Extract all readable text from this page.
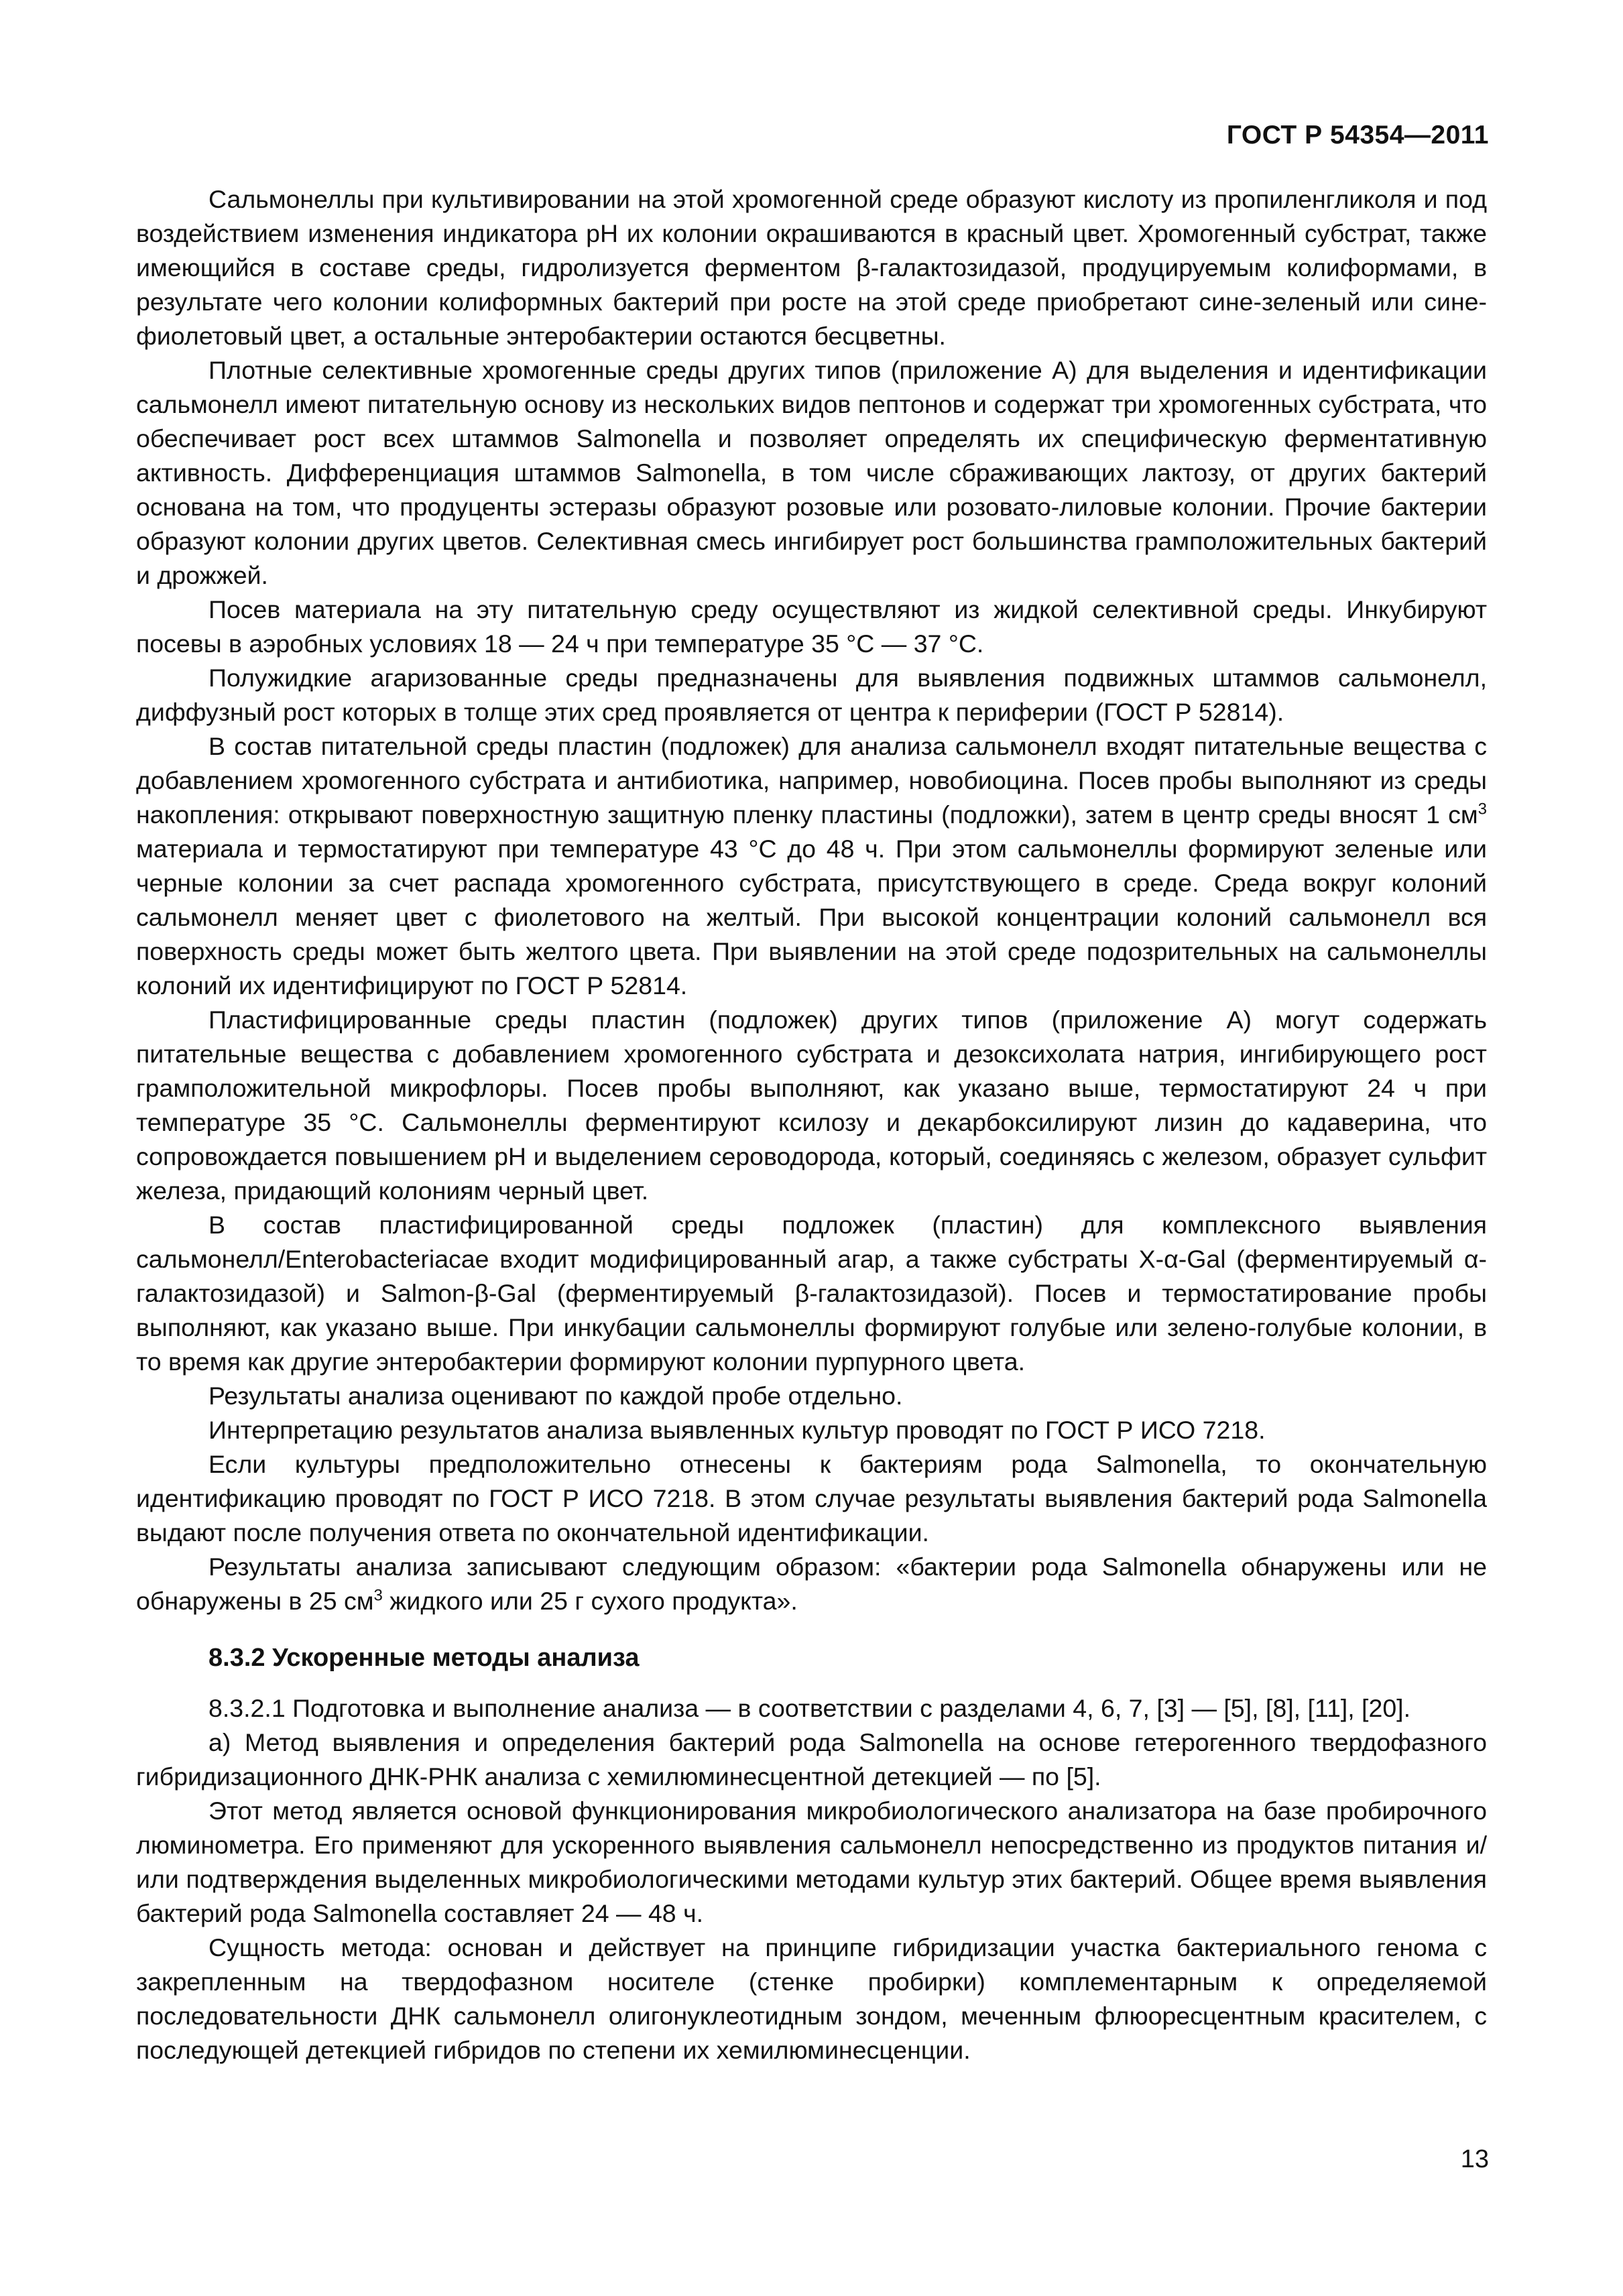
ГОСТ Р 54354—2011

Сальмонеллы при культивировании на этой хромогенной среде образуют кислоту из пропиленгликоля и под воздействием изменения индикатора pH их колонии окрашиваются в красный цвет. Хромогенный субстрат, также имеющийся в составе среды, гидролизуется ферментом β-галактозидазой, продуцируемым колиформами, в результате чего колонии колиформных бактерий при росте на этой среде приобретают сине-зеленый или сине-фиолетовый цвет, а остальные энтеробактерии остаются бесцветны.

Плотные селективные хромогенные среды других типов (приложение А) для выделения и идентификации сальмонелл имеют питательную основу из нескольких видов пептонов и содержат три хромогенных субстрата, что обеспечивает рост всех штаммов Salmonella и позволяет определять их специфическую ферментативную активность. Дифференциация штаммов Salmonella, в том числе сбраживающих лактозу, от других бактерий основана на том, что продуценты эстеразы образуют розовые или розовато-лиловые колонии. Прочие бактерии образуют колонии других цветов. Селективная смесь ингибирует рост большинства грамположительных бактерий и дрожжей.

Посев материала на эту питательную среду осуществляют из жидкой селективной среды. Инкубируют посевы в аэробных условиях 18 — 24 ч при температуре 35 °С — 37 °С.

Полужидкие агаризованные среды предназначены для выявления подвижных штаммов сальмонелл, диффузный рост которых в толще этих сред проявляется от центра к периферии (ГОСТ Р 52814).

В состав питательной среды пластин (подложек) для анализа сальмонелл входят питательные вещества с добавлением хромогенного субстрата и антибиотика, например, новобиоцина. Посев пробы выполняют из среды накопления: открывают поверхностную защитную пленку пластины (подложки), затем в центр среды вносят 1 $см^3$ материала и термостатируют при температуре 43 °С до 48 ч. При этом сальмонеллы формируют зеленые или черные колонии за счет распада хромогенного субстрата, присутствующего в среде. Среда вокруг колоний сальмонелл меняет цвет с фиолетового на желтый. При высокой концентрации колоний сальмонелл вся поверхность среды может быть желтого цвета. При выявлении на этой среде подозрительных на сальмонеллы колоний их идентифицируют по ГОСТ Р 52814.

Пластифицированные среды пластин (подложек) других типов (приложение А) могут содержать питательные вещества с добавлением хромогенного субстрата и дезоксихолата натрия, ингибирующего рост грамположительной микрофлоры. Посев пробы выполняют, как указано выше, термостатируют 24 ч при температуре 35 °С. Сальмонеллы ферментируют ксилозу и декарбоксилируют лизин до кадаверина, что сопровождается повышением pH и выделением сероводорода, который, соединяясь с железом, образует сульфит железа, придающий колониям черный цвет.

В состав пластифицированной среды подложек (пластин) для комплексного выявления сальмонелл/Enterobacteriacae входит модифицированный агар, а также субстраты X-α-Gal (ферментируемый α-галактозидазой) и Salmon-β-Gal (ферментируемый β-галактозидазой). Посев и термостатирование пробы выполняют, как указано выше. При инкубации сальмонеллы формируют голубые или зелено-голубые колонии, в то время как другие энтеробактерии формируют колонии пурпурного цвета.

Результаты анализа оценивают по каждой пробе отдельно.

Интерпретацию результатов анализа выявленных культур проводят по ГОСТ Р ИСО 7218.

Если культуры предположительно отнесены к бактериям рода Salmonella, то окончательную идентификацию проводят по ГОСТ Р ИСО 7218. В этом случае результаты выявления бактерий рода Salmonella выдают после получения ответа по окончательной идентификации.

Результаты анализа записывают следующим образом: «бактерии рода Salmonella обнаружены или не обнаружены в 25 $см^3$ жидкого или 25 г сухого продукта».

8.3.2 Ускоренные методы анализа

8.3.2.1 Подготовка и выполнение анализа — в соответствии с разделами 4, 6, 7, [3] — [5], [8], [11], [20].

а) Метод выявления и определения бактерий рода Salmonella на основе гетерогенного твердофазного гибридизационного ДНК-РНК анализа с хемилюминесцентной детекцией — по [5].

Этот метод является основой функционирования микробиологического анализатора на базе пробирочного люминометра. Его применяют для ускоренного выявления сальмонелл непосредственно из продуктов питания и/или подтверждения выделенных микробиологическими методами культур этих бактерий. Общее время выявления бактерий рода Salmonella составляет 24 — 48 ч.

Сущность метода: основан и действует на принципе гибридизации участка бактериального генома с закрепленным на твердофазном носителе (стенке пробирки) комплементарным к определяемой последовательности ДНК сальмонелл олигонуклеотидным зондом, меченным флюоресцентным красителем, с последующей детекцией гибридов по степени их хемилюминесценции.

13
